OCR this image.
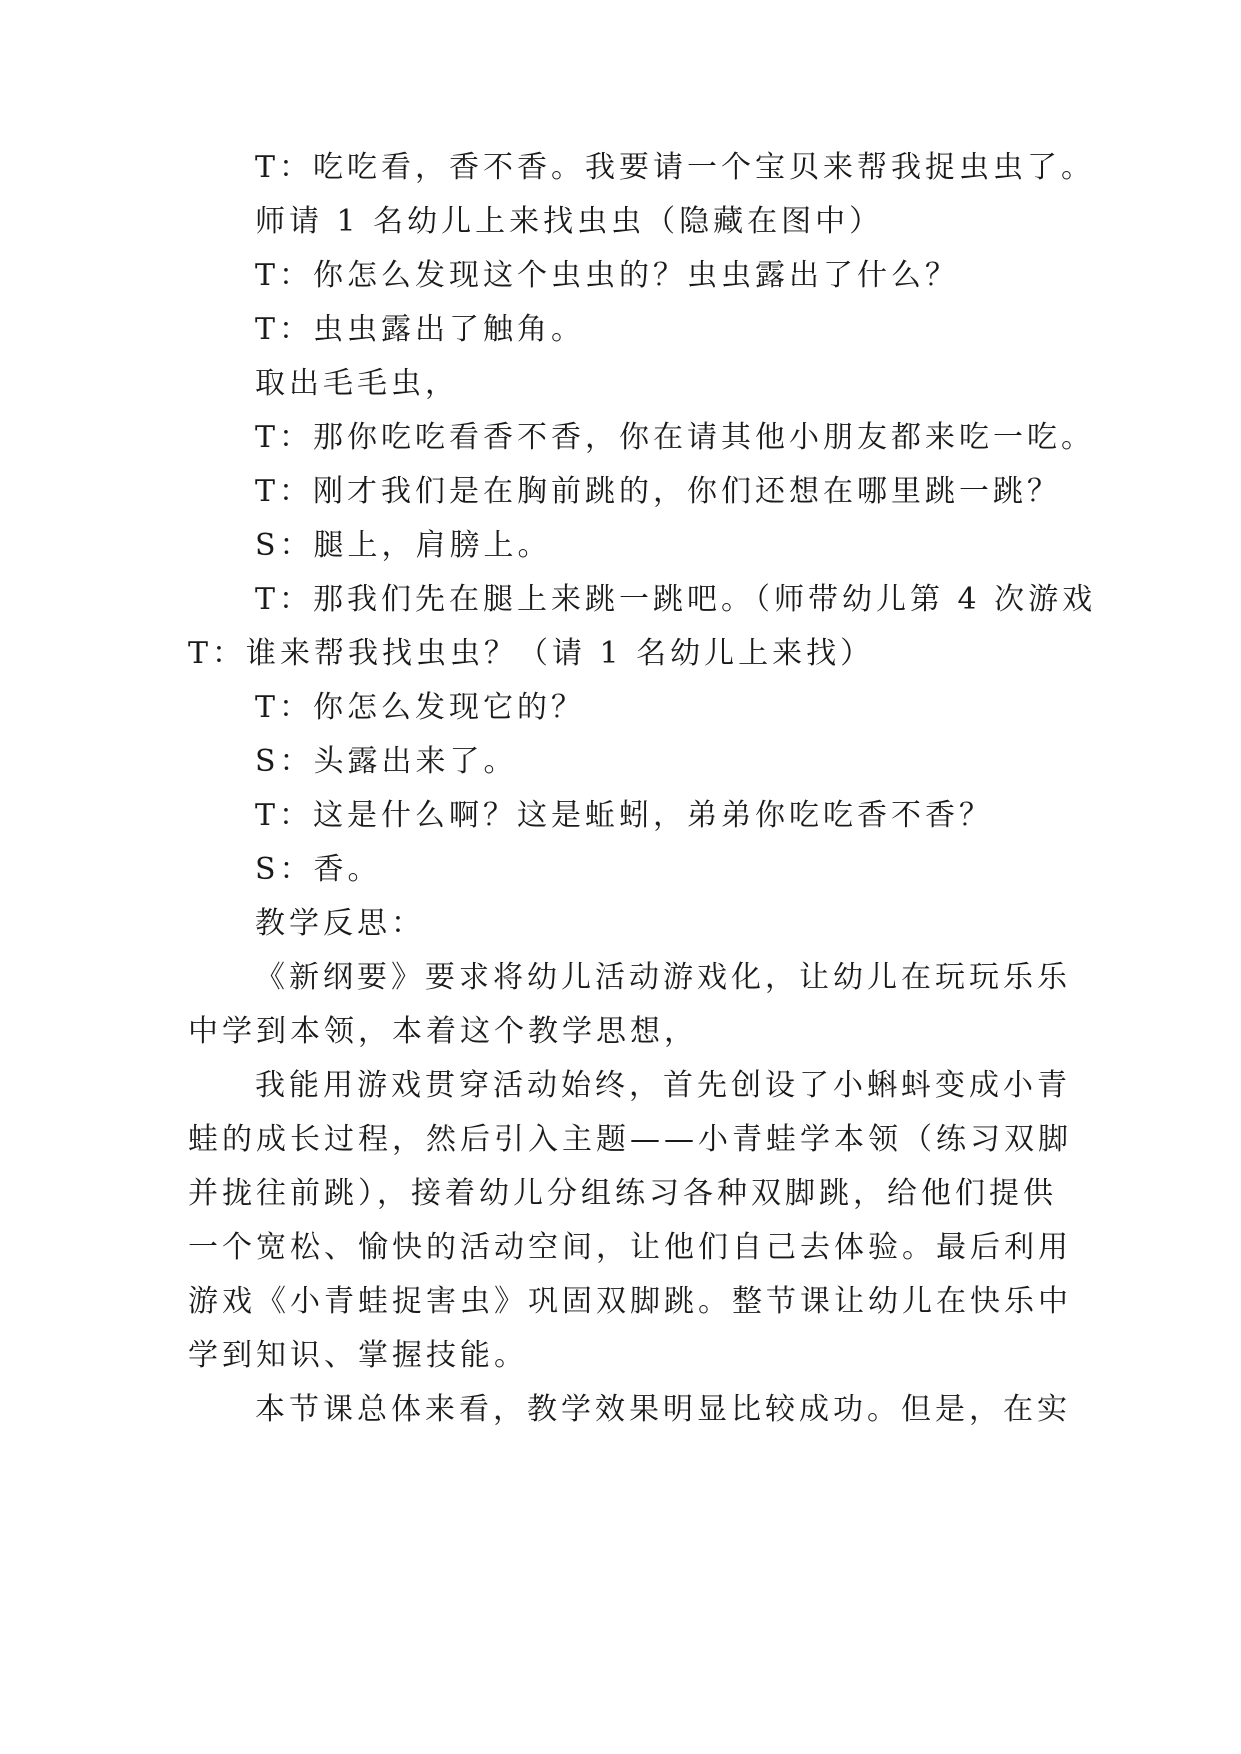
T：吃吃看，香不香。我要请一个宝贝来帮我捉虫虫了。
师请 1 名幼儿上来找虫虫（隐藏在图中）
T：你怎么发现这个虫虫的？虫虫露出了什么？
T：虫虫露出了触角。
取出毛毛虫，
T：那你吃吃看香不香，你在请其他小朋友都来吃一吃。
T：刚才我们是在胸前跳的，你们还想在哪里跳一跳？
S：腿上，肩膀上。
T：那我们先在腿上来跳一跳吧。（师带幼儿第 4 次游戏
T：谁来帮我找虫虫？（请 1 名幼儿上来找）
T：你怎么发现它的？
S：头露出来了。
T：这是什么啊？这是蚯蚓，弟弟你吃吃香不香？
S：香。
教学反思：
《新纲要》要求将幼儿活动游戏化，让幼儿在玩玩乐乐
中学到本领，本着这个教学思想，
我能用游戏贯穿活动始终，首先创设了小蝌蚪变成小青
蛙的成长过程，然后引入主题——小青蛙学本领（练习双脚
并拢往前跳），接着幼儿分组练习各种双脚跳，给他们提供
一个宽松、愉快的活动空间，让他们自己去体验。最后利用
游戏《小青蛙捉害虫》巩固双脚跳。整节课让幼儿在快乐中
学到知识、掌握技能。
本节课总体来看，教学效果明显比较成功。但是，在实
